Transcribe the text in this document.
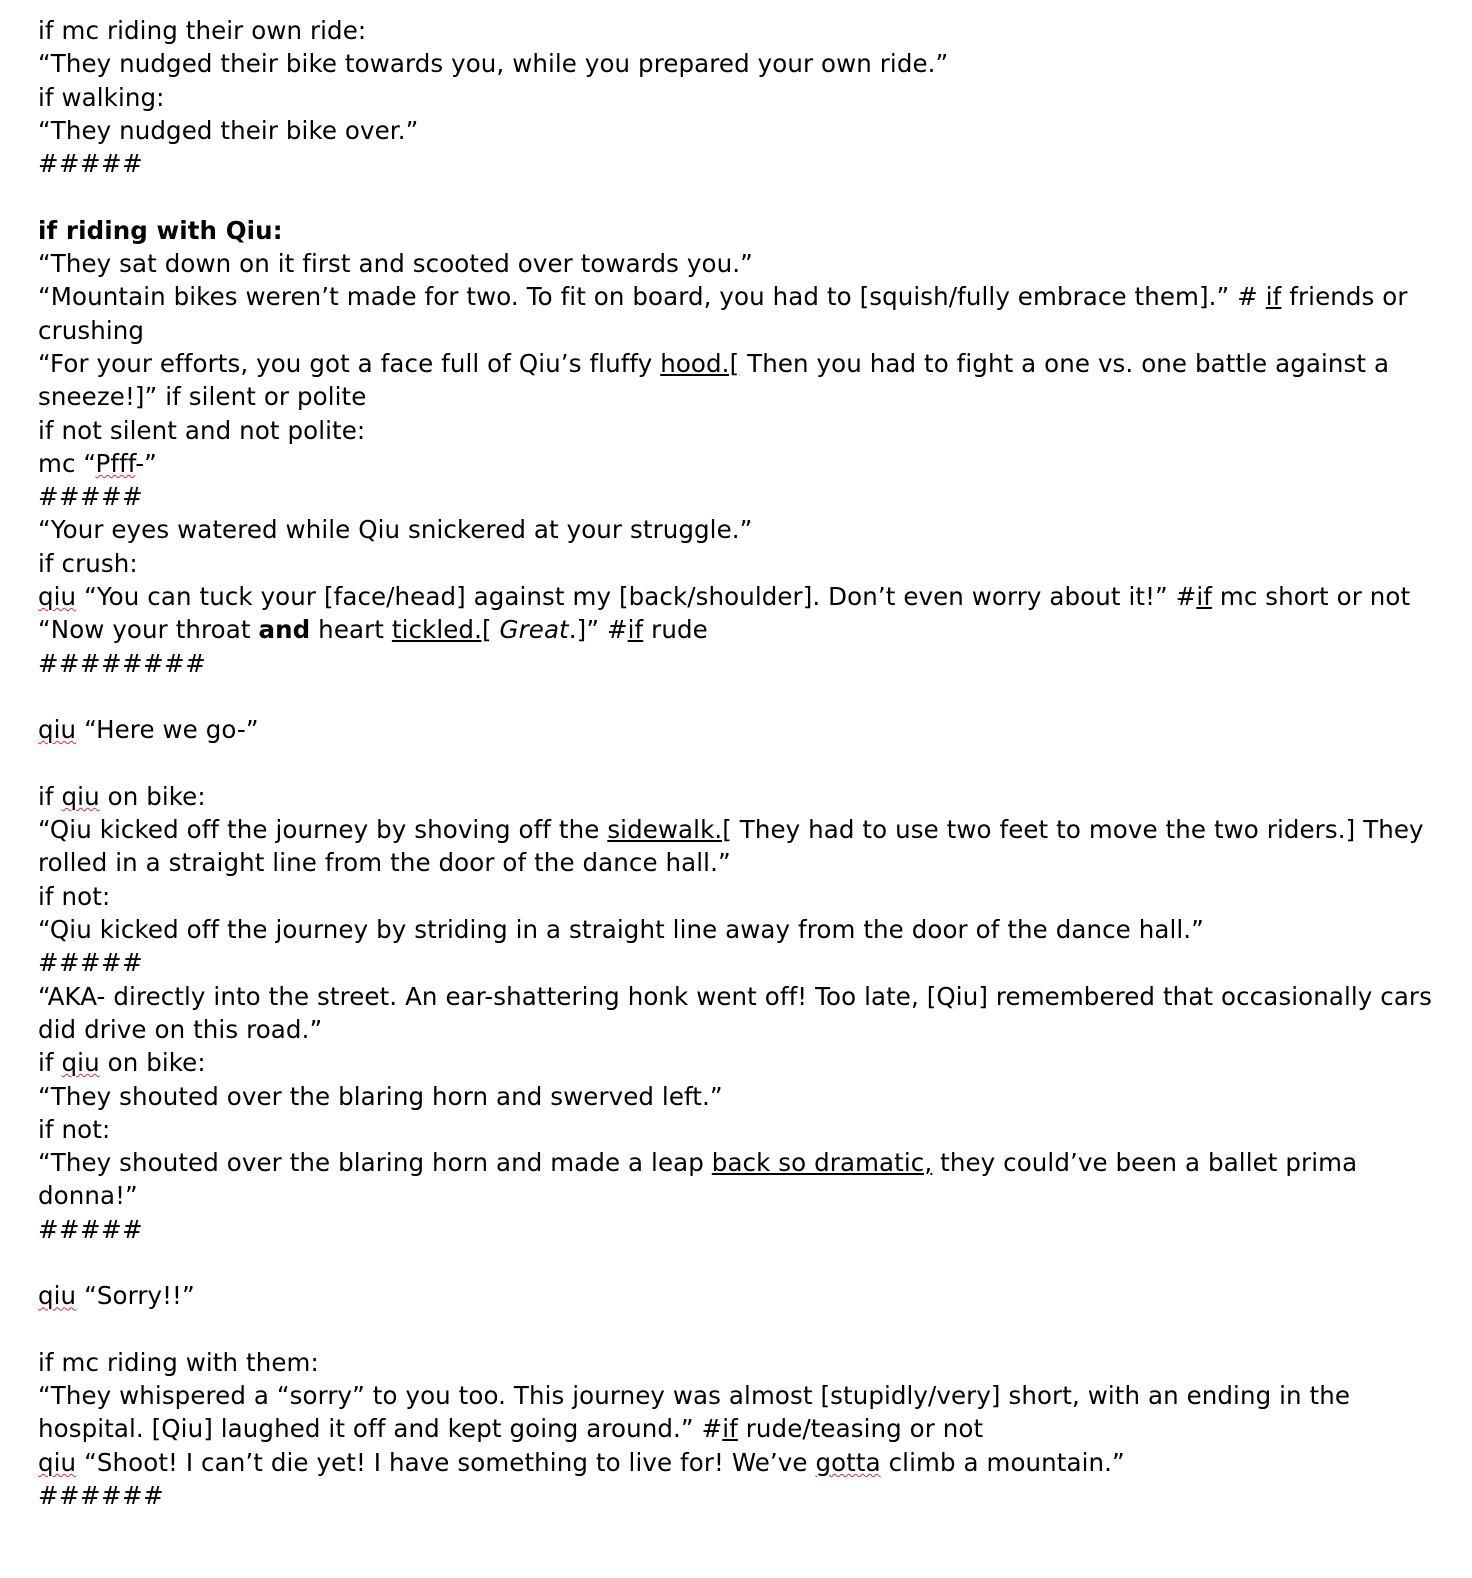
if mc riding their own ride:
“They nudged their bike towards you, while you prepared your own ride.”
if walking:
“They nudged their bike over.”
#####
if riding with Qiu:
“They sat down on it first and scooted over towards you.”
“Mountain bikes weren’t made for two. To fit on board, you had to [squish/fully embrace them].” # if friends or crushing
“For your efforts, you got a face full of Qiu’s fluffy hood.[ Then you had to fight a one vs. one battle against a sneeze!]” if silent or polite
if not silent and not polite:
mc “Pfff-”
#####
“Your eyes watered while Qiu snickered at your struggle.”
if crush:
qiu “You can tuck your [face/head] against my [back/shoulder]. Don’t even worry about it!” #if mc short or not
“Now your throat and heart tickled.[ Great.]” #if rude
########
qiu “Here we go-”
if qiu on bike:
“Qiu kicked off the journey by shoving off the sidewalk.[ They had to use two feet to move the two riders.] They rolled in a straight line from the door of the dance hall.”
if not:
“Qiu kicked off the journey by striding in a straight line away from the door of the dance hall.”
#####
“AKA- directly into the street. An ear-shattering honk went off! Too late, [Qiu] remembered that occasionally cars did drive on this road.”
if qiu on bike:
“They shouted over the blaring horn and swerved left.”
if not:
“They shouted over the blaring horn and made a leap back so dramatic, they could’ve been a ballet prima donna!”
#####
qiu “Sorry!!”
if mc riding with them:
“They whispered a “sorry” to you too. This journey was almost [stupidly/very] short, with an ending in the hospital. [Qiu] laughed it off and kept going around.” #if rude/teasing or not
qiu “Shoot! I can’t die yet! I have something to live for! We’ve gotta climb a mountain.”
######
